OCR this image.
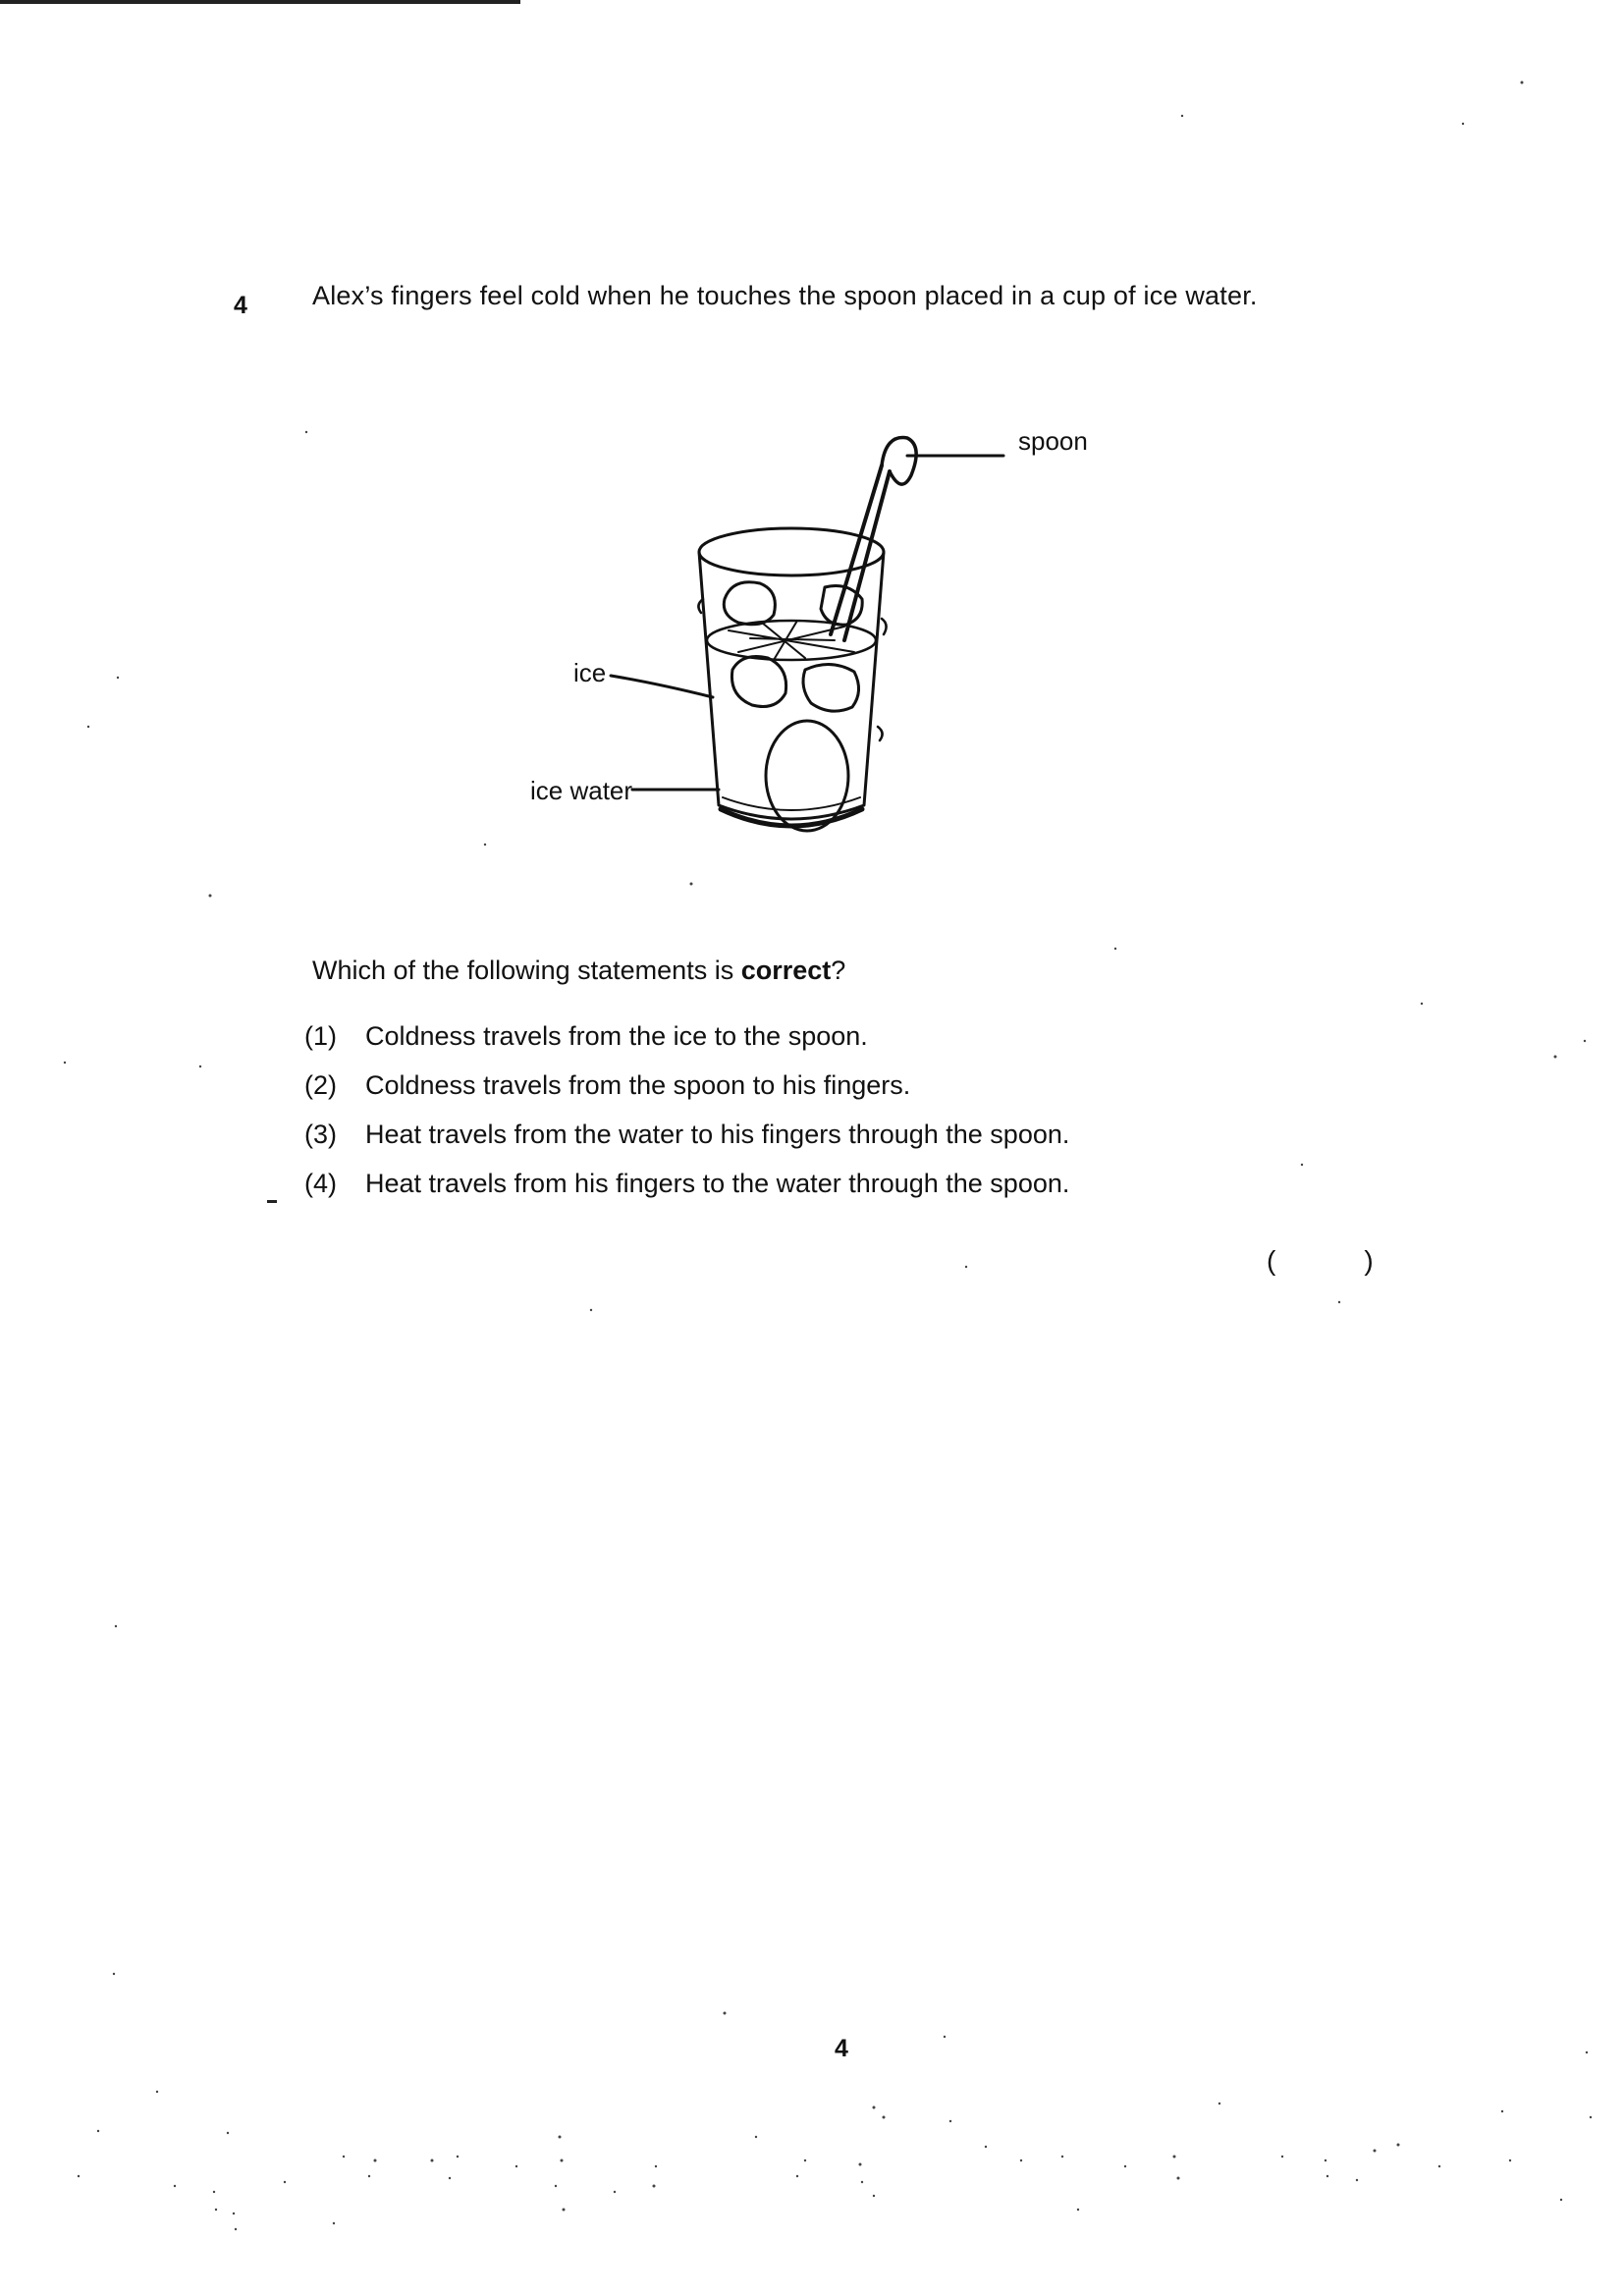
4 Alex’s fingers feel cold when he touches the spoon placed in a cup of ice water.
spoon
ice
ice water
Which of the following statements is correct?
(1) Coldness travels from the ice to the spoon.
(2) Coldness travels from the spoon to his fingers.
(3) Heat travels from the water to his fingers through the spoon.
(4) Heat travels from his fingers to the water through the spoon.
(	)
4
